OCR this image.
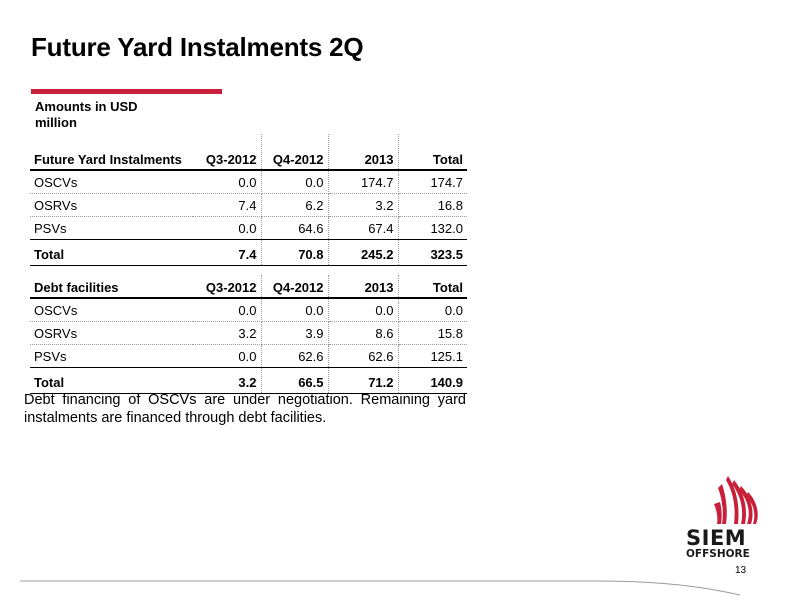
Future Yard Instalments 2Q
Amounts in USD million
Future Yard Instalments	Q3-2012	Q4-2012	2013	Total
OSCVs	0.0	0.0	174.7	174.7
OSRVs	7.4	6.2	3.2	16.8
PSVs	0.0	64.6	67.4	132.0
Total	7.4	70.8	245.2	323.5
Debt facilities	Q3-2012	Q4-2012	2013	Total
OSCVs	0.0	0.0	0.0	0.0
OSRVs	3.2	3.9	8.6	15.8
PSVs	0.0	62.6	62.6	125.1
Total	3.2	66.5	71.2	140.9
Debt financing of OSCVs are under negotiation. Remaining yard instalments are financed through debt facilities.
SIEM
OFFSHORE
13
